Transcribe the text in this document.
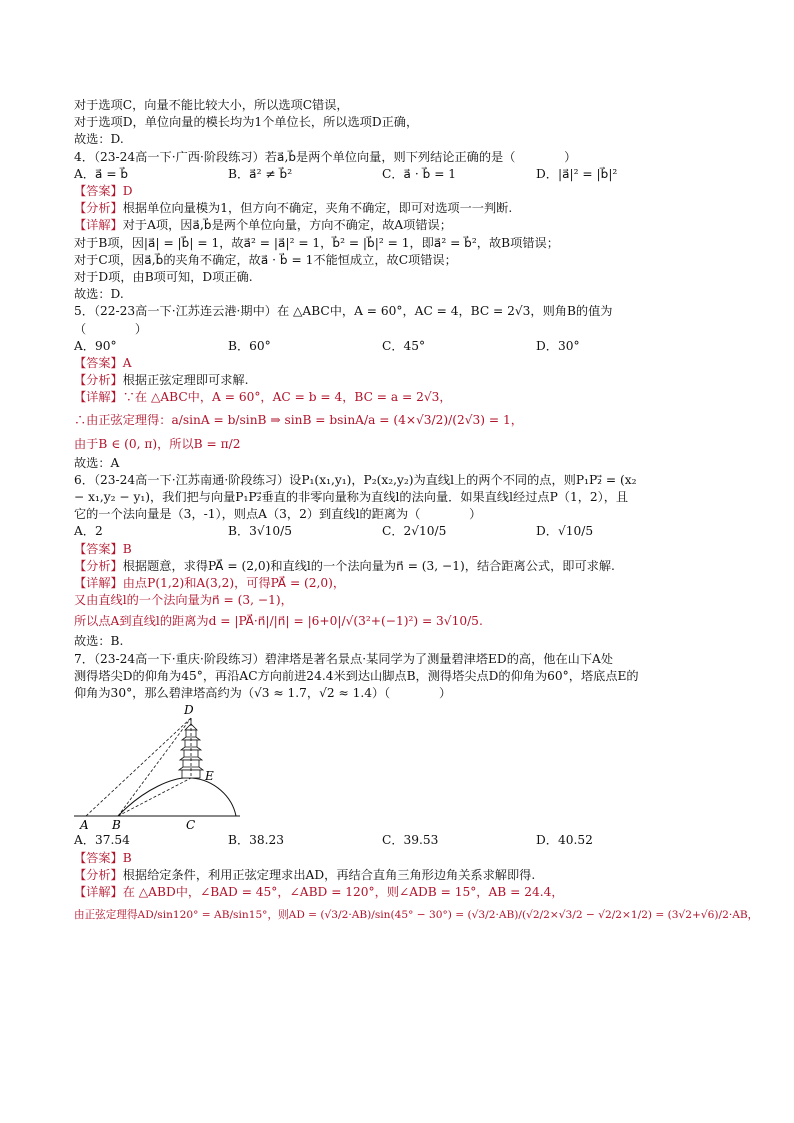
对于选项C，向量不能比较大小，所以选项C错误，
对于选项D，单位向量的模长均为1个单位长，所以选项D正确，
故选：D.
4．（23-24高一下·广西·阶段练习）若a⃗,b⃗是两个单位向量，则下列结论正确的是（　　　　）
A．a⃗ = b⃗	B．a⃗² ≠ b⃗²	C．a⃗ · b⃗ = 1	D．|a⃗|² = |b⃗|²
【答案】D
【分析】根据单位向量模为1，但方向不确定，夹角不确定，即可对选项一一判断.
【详解】对于A项，因a⃗,b⃗是两个单位向量，方向不确定，故A项错误；
对于B项，因|a⃗| = |b⃗| = 1，故a⃗² = |a⃗|² = 1，b⃗² = |b⃗|² = 1，即a⃗² = b⃗²，故B项错误；
对于C项，因a⃗,b⃗的夹角不确定，故a⃗ · b⃗ = 1不能恒成立，故C项错误；
对于D项，由B项可知，D项正确.
故选：D.
5．（22-23高一下·江苏连云港·期中）在 △ABC中，A = 60°，AC = 4，BC = 2√3，则角B的值为
（　　　　）
A．90°	B．60°	C．45°	D．30°
【答案】A
【分析】根据正弦定理即可求解.
【详解】∵在 △ABC中，A = 60°，AC = b = 4，BC = a = 2√3，
∴由正弦定理得：a/sinA = b/sinB ⇒ sinB = bsinA/a = (4×√3/2)/(2√3) = 1，
由于B ∈ (0, π)，所以B = π/2
故选：A
6．（23-24高一下·江苏南通·阶段练习）设P₁(x₁,y₁)，P₂(x₂,y₂)为直线l上的两个不同的点，则P₁P₂⃗ = (x₂
− x₁,y₂ − y₁)，我们把与向量P₁P₂⃗垂直的非零向量称为直线l的法向量．如果直线l经过点P（1，2），且
它的一个法向量是（3，-1），则点A（3，2）到直线l的距离为（　　　　）
A．2	B．3√10/5	C．2√10/5	D．√10/5
【答案】B
【分析】根据题意，求得PA⃗ = (2,0)和直线l的一个法向量为n⃗ = (3, −1)，结合距离公式，即可求解.
【详解】由点P(1,2)和A(3,2)，可得PA⃗ = (2,0)，
又由直线l的一个法向量为n⃗ = (3, −1)，
所以点A到直线l的距离为d = |PA⃗·n⃗|/|n⃗| = |6+0|/√(3²+(−1)²) = 3√10/5.
故选：B.
7．（23-24高一下·重庆·阶段练习）碧津塔是著名景点·某同学为了测量碧津塔ED的高，他在山下A处
测得塔尖D的仰角为45°，再沿AC方向前进24.4米到达山脚点B，测得塔尖点D的仰角为60°，塔底点E的
仰角为30°，那么碧津塔高约为（√3 ≈ 1.7，√2 ≈ 1.4）（　　　　）
D
E
A B	C
A．37.54	B．38.23	C．39.53	D．40.52
【答案】B
【分析】根据给定条件，利用正弦定理求出AD，再结合直角三角形边角关系求解即得.
【详解】在 △ABD中，∠BAD = 45°，∠ABD = 120°，则∠ADB = 15°，AB = 24.4，
由正弦定理得AD/sin120° = AB/sin15°，则AD = (√3/2·AB)/sin(45° − 30°) = (√3/2·AB)/(√2/2×√3/2 − √2/2×1/2) = (3√2+√6)/2·AB，
